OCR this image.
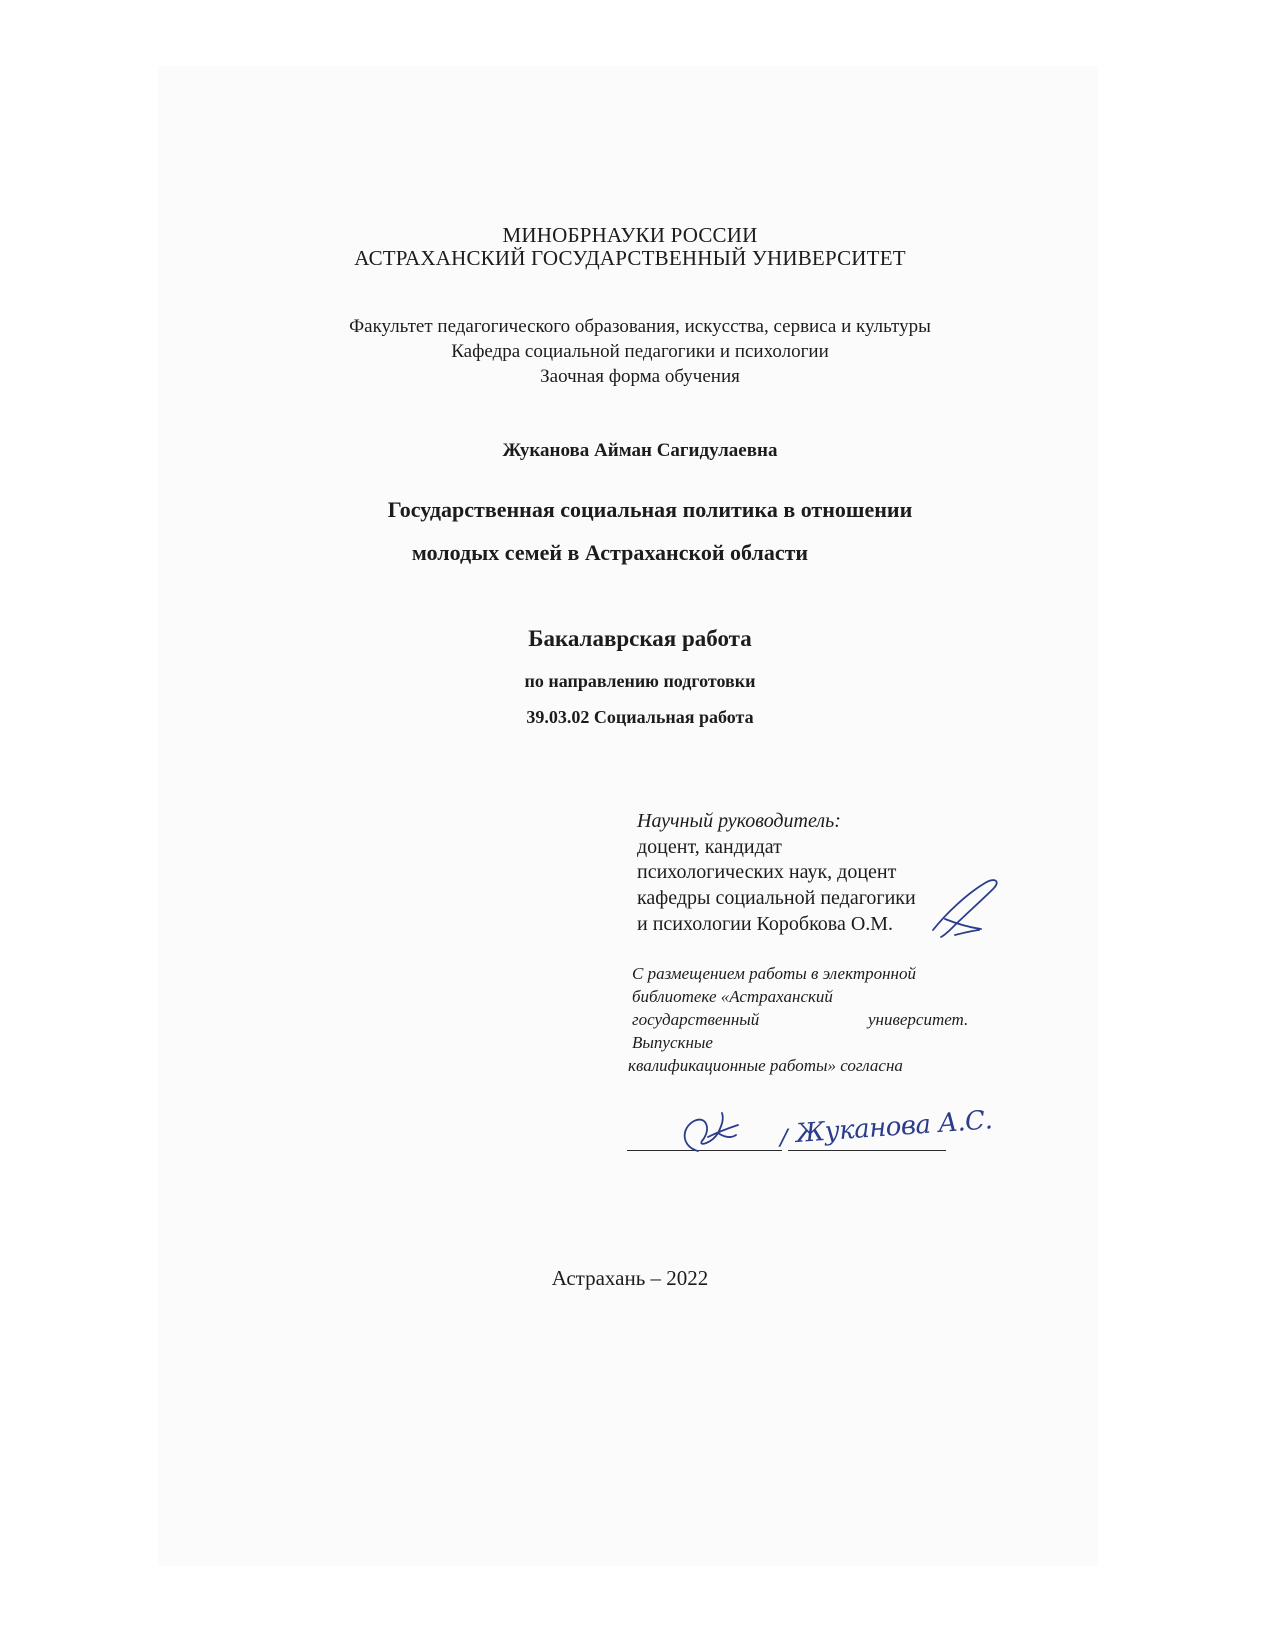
МИНОБРНАУКИ РОССИИ
АСТРАХАНСКИЙ ГОСУДАРСТВЕННЫЙ УНИВЕРСИТЕТ
Факультет педагогического образования, искусства, сервиса и культуры
Кафедра социальной педагогики и психологии
Заочная форма обучения
Жуканова Айман Сагидулаевна
Государственная социальная политика в отношении
молодых семей в Астраханской области
Бакалаврская работа
по направлению подготовки
39.03.02 Социальная работа
Научный руководитель:
доцент, кандидат
психологических наук, доцент
кафедры социальной педагогики
и психологии Коробкова О.М.
С размещением работы в электронной
библиотеке «Астраханский
государственный	университет.
Выпускные
квалификационные работы» согласна
/ Жуканова А.С.
Астрахань – 2022
